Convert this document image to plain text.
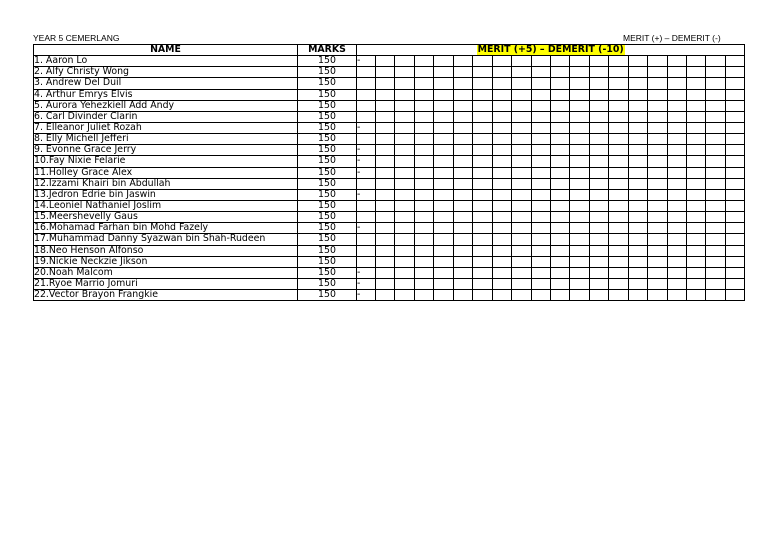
YEAR 5 CEMERLANG	MERIT (+) – DEMERIT (-)
NAME	MARKS	MERIT (+5) – DEMERIT (-10)																			
1. Aaron Lo	150	-																			
2. Alfy Christy Wong	150																				
3. Andrew Del Duil	150																				
4. Arthur Emrys Elvis	150																				
5. Aurora Yehezkiell Add Andy	150																				
6. Carl Divinder Clarin	150																				
7. Elleanor Juliet Rozah	150	-																			
8. Elly Michell Jefferi	150																				
9. Evonne Grace Jerry	150	-																			
10.Fay Nixie Felarie	150	-																			
11.Holley Grace Alex	150	-																			
12.Izzami Khairi bin Abdullah	150																				
13.Jedron Edrie bin Jaswin	150	-																			
14.Leoniel Nathaniel Joslim	150																				
15.Meershevelly Gaus	150																				
16.Mohamad Farhan bin Mohd Fazely	150	-																			
17.Muhammad Danny Syazwan bin Shah-Rudeen	150																				
18.Neo Henson Alfonso	150																				
19.Nickie Neckzie Jikson	150																				
20.Noah Malcom	150	-																			
21.Ryoe Marrio Jomuri	150	-																			
22.Vector Brayon Frangkie	150	-																			
